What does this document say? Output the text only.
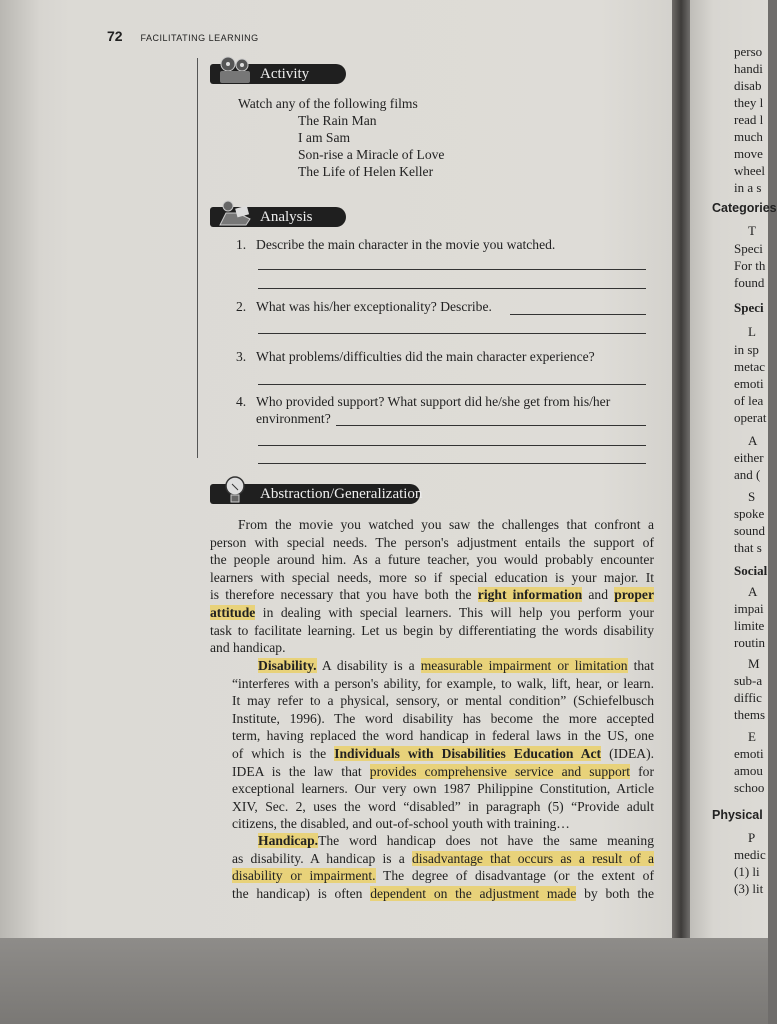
72 FACILITATING LEARNING
Activity
Watch any of the following films
The Rain Man
I am Sam
Son-rise a Miracle of Love
The Life of Helen Keller
Analysis
1. Describe the main character in the movie you watched.
2. What was his/her exceptionality? Describe.
3. What problems/difficulties did the main character experience?
4. Who provided support? What support did he/she get from his/her
environment?
Abstraction/Generalization
From the movie you watched you saw the challenges that confront a
person with special needs. The person's adjustment entails the support of
the people around him. As a future teacher, you would probably encounter
learners with special needs, more so if special education is your major. It
is therefore necessary that you have both the right information and proper
attitude in dealing with special learners. This will help you perform your
task to facilitate learning. Let us begin by differentiating the words disability
and handicap.
Disability. A disability is a measurable impairment or limitation that
“interferes with a person's ability, for example, to walk, lift, hear, or learn.
It may refer to a physical, sensory, or mental condition” (Schiefelbusch
Institute, 1996). The word disability has become the more accepted
term, having replaced the word handicap in federal laws in the US, one
of which is the Individuals with Disabilities Education Act (IDEA).
IDEA is the law that provides comprehensive service and support for
exceptional learners. Our very own 1987 Philippine Constitution, Article
XIV, Sec. 2, uses the word “disabled” in paragraph (5) “Provide adult
citizens, the disabled, and out-of-school youth with training…
Handicap.The word handicap does not have the same meaning
as disability. A handicap is a disadvantage that occurs as a result of a
disability or impairment. The degree of disadvantage (or the extent of
the handicap) is often dependent on the adjustment made by both the
perso
handi
disab
they l
read l
much
move
wheel
in a s
Categories
T
Speci
For th
found
Speci
L
in sp
metac
emoti
of lea
operat
A
either
and (
S
spoke
sound
that s
Social
A
impai
limite
routin
M
sub-a
diffic
thems
E
emoti
amou
schoo
Physical
P
medic
(1) li
(3) lit
